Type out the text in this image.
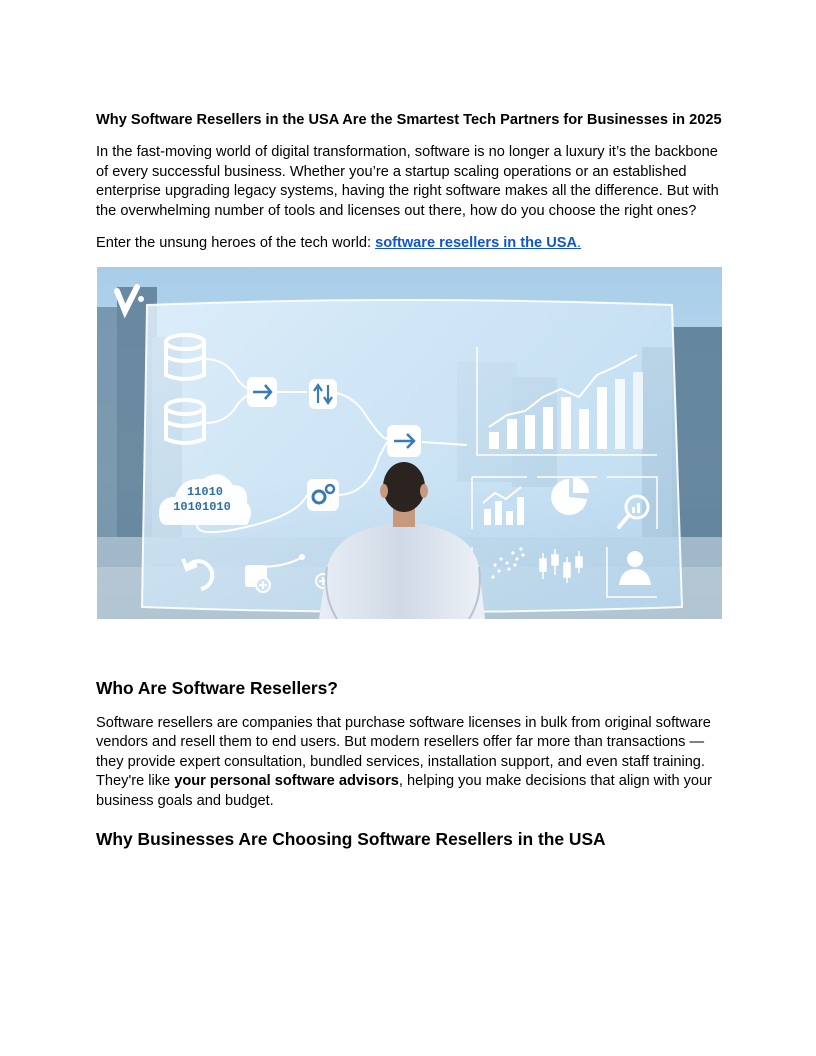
Why Software Resellers in the USA Are the Smartest Tech Partners for Businesses in 2025

In the fast-moving world of digital transformation, software is no longer a luxury it’s the backbone of every successful business. Whether you’re a startup scaling operations or an established enterprise upgrading legacy systems, having the right software makes all the difference. But with the overwhelming number of tools and licenses out there, how do you choose the right ones?

Enter the unsung heroes of the tech world: software resellers in the USA.

11010
10101010
Who Are Software Resellers?

Software resellers are companies that purchase software licenses in bulk from original software vendors and resell them to end users. But modern resellers offer far more than transactions — they provide expert consultation, bundled services, installation support, and even staff training. They're like your personal software advisors, helping you make decisions that align with your business goals and budget.

Why Businesses Are Choosing Software Resellers in the USA
